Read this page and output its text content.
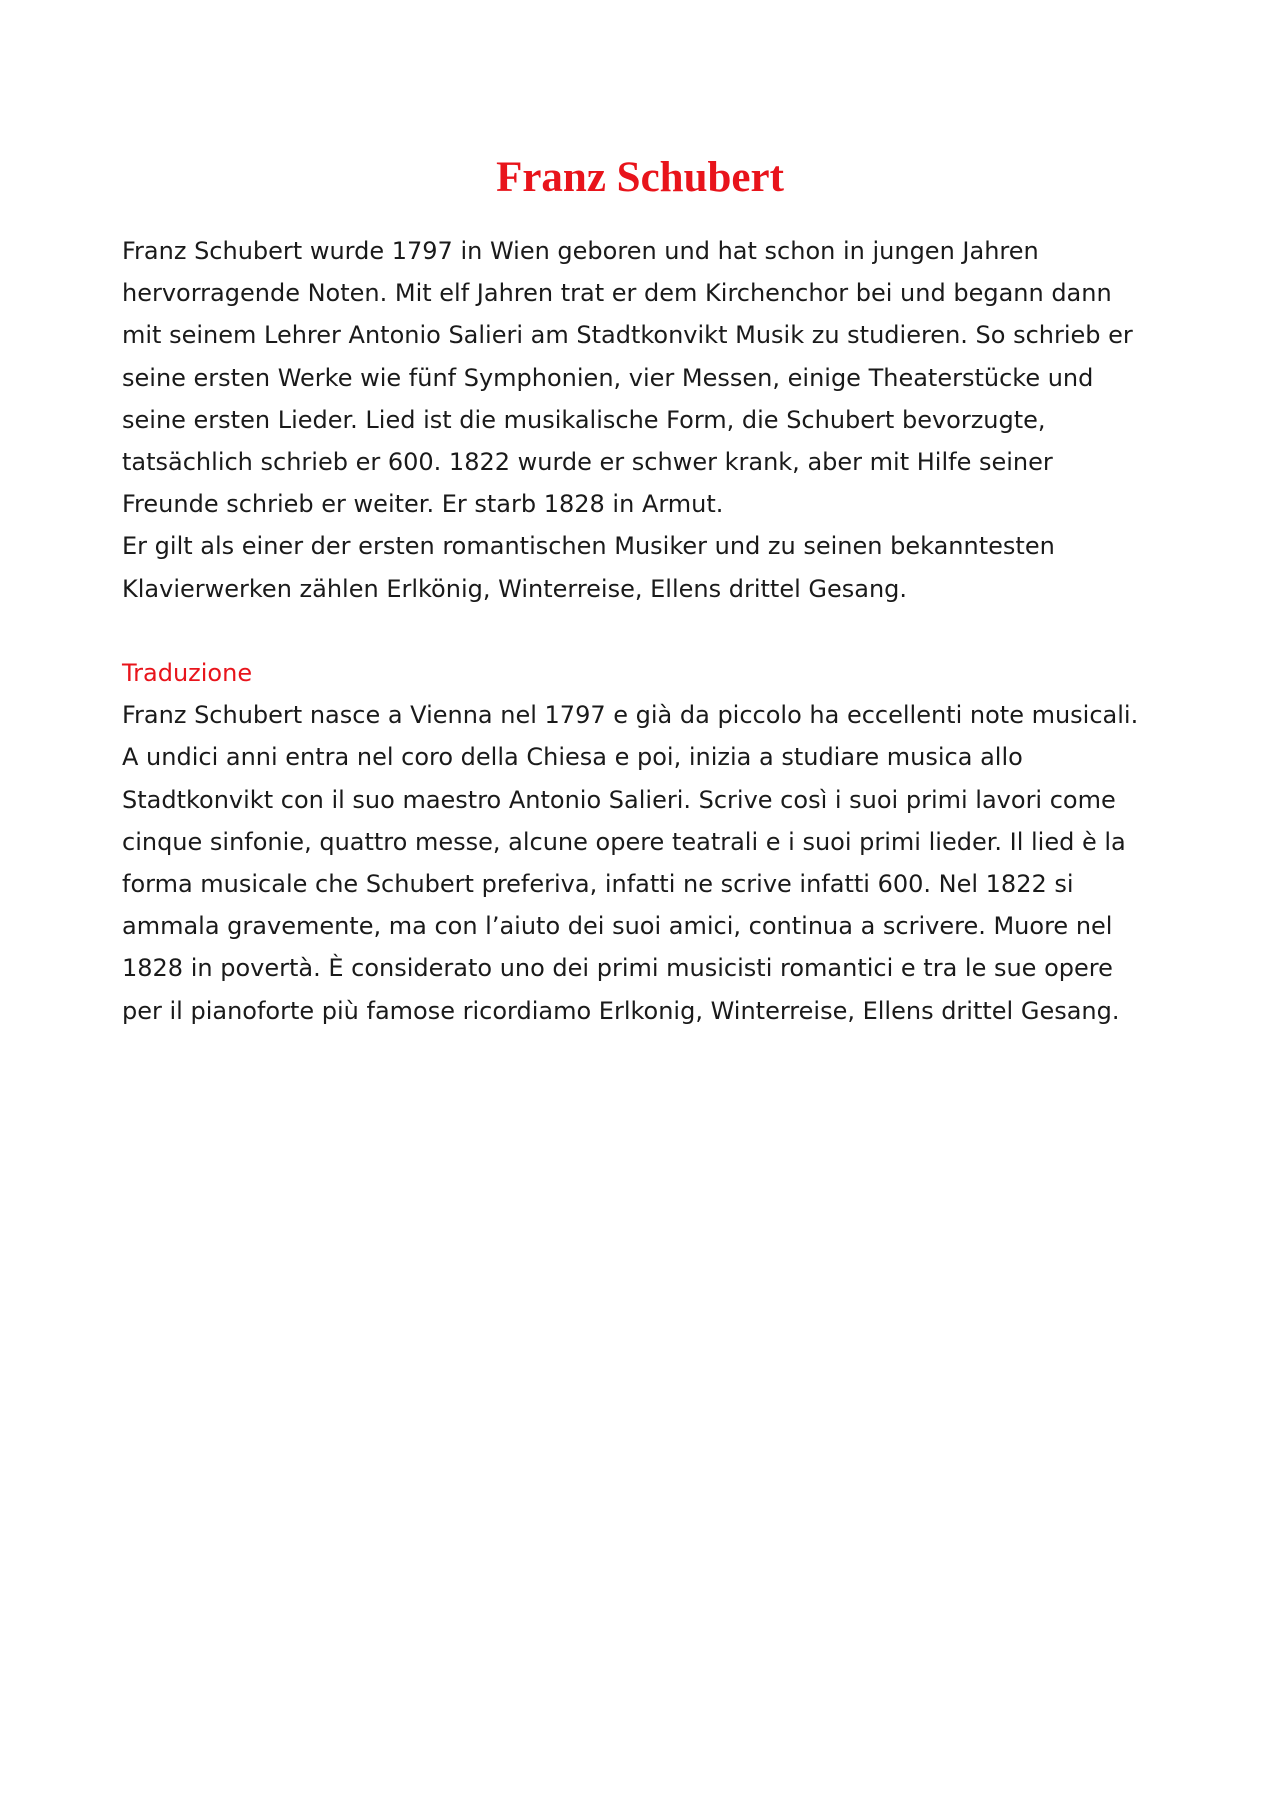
Franz Schubert
Franz Schubert wurde 1797 in Wien geboren und hat schon in jungen Jahren
hervorragende Noten. Mit elf Jahren trat er dem Kirchenchor bei und begann dann
mit seinem Lehrer Antonio Salieri am Stadtkonvikt Musik zu studieren. So schrieb er
seine ersten Werke wie fünf Symphonien, vier Messen, einige Theaterstücke und
seine ersten Lieder. Lied ist die musikalische Form, die Schubert bevorzugte,
tatsächlich schrieb er 600. 1822 wurde er schwer krank, aber mit Hilfe seiner
Freunde schrieb er weiter. Er starb 1828 in Armut.
Er gilt als einer der ersten romantischen Musiker und zu seinen bekanntesten
Klavierwerken zählen Erlkönig, Winterreise, Ellens drittel Gesang.
Traduzione
Franz Schubert nasce a Vienna nel 1797 e già da piccolo ha eccellenti note musicali.
A undici anni entra nel coro della Chiesa e poi, inizia a studiare musica allo
Stadtkonvikt con il suo maestro Antonio Salieri. Scrive così i suoi primi lavori come
cinque sinfonie, quattro messe, alcune opere teatrali e i suoi primi lieder. Il lied è la
forma musicale che Schubert preferiva, infatti ne scrive infatti 600. Nel 1822 si
ammala gravemente, ma con l’aiuto dei suoi amici, continua a scrivere. Muore nel
1828 in povertà. È considerato uno dei primi musicisti romantici e tra le sue opere
per il pianoforte più famose ricordiamo Erlkonig, Winterreise, Ellens drittel Gesang.
